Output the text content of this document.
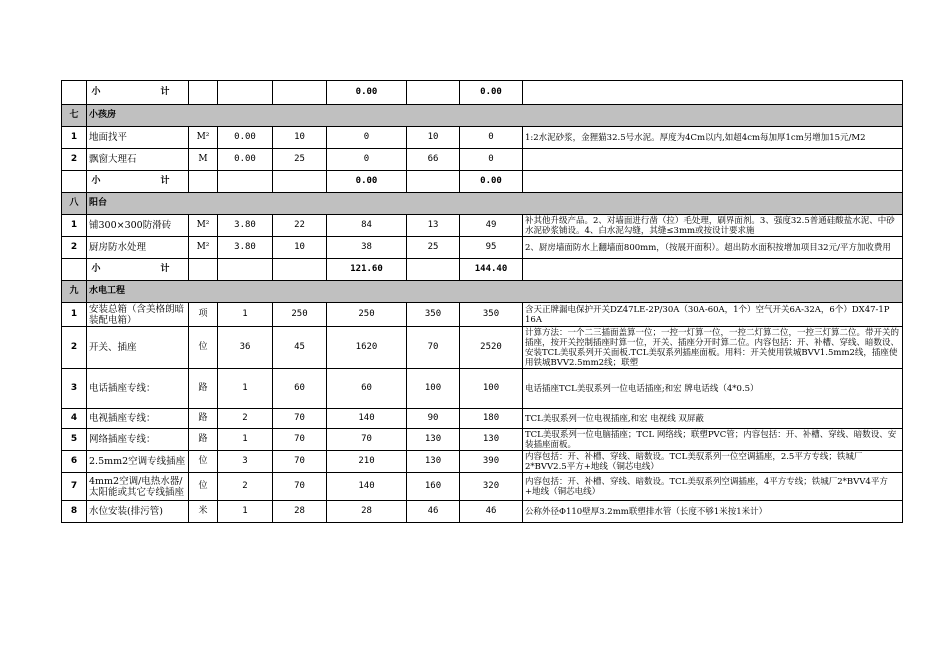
	小　　计				0.00		0.00	
七	小孩房							
1	地面找平	M²	0.00	10	0	10	0	1:2水泥砂浆，金狸猫32.5号水泥。厚度为4Cm以内,如超4cm每加厚1cm另增加15元/M2
2	飘窗大理石	M	0.00	25	0	66	0	
	小　　计				0.00		0.00	
八	阳台							
1	铺300×300防滑砖	M²	3.80	22	84	13	49	补其他升级产品。2、对墙面进行凿（拉）毛处理，刷界面剂。3、强度32.5普通硅酸盐水泥、中砂水泥砂浆铺设。4、白水泥勾缝，其缝≤3mm或按设计要求施
2	厨房防水处理	M²	3.80	10	38	25	95	2、厨房墙面防水上翻墙面800mm，（按展开面积）。超出防水面积按增加项目32元/平方加收费用
	小　　计				121.60		144.40	
九	水电工程							
1	安装总箱（含美格朗暗装配电箱）	项	1	250	250	350	350	含天正牌漏电保护开关DZ47LE-2P/30A（30A-60A，1个）空气开关6A-32A，6个）DX47-1P 16A
2	开关、插座	位	36	45	1620	70	2520	计算方法：一个二三插面盖算一位；一控一灯算一位，一控二灯算二位，一控三灯算二位。带开关的插座，按开关控制插座时算一位，开关、插座分开时算二位。内容包括：开、补槽、穿线、暗数设、安装TCL美驭系列开关面板.TCL美驭系列插座面板。用料：开关使用铁城BVV1.5mm2线，插座使用铁城BVV2.5mm2线；联塑
3	电话插座专线：	路	1	60	60	100	100	电话插座TCL美驭系列一位电话插座;和宏 牌电话线（4*0.5）
4	电视插座专线：	路	2	70	140	90	180	TCL美驭系列一位电视插座,和宏 电视线 双屏蔽
5	网络插座专线：	路	1	70	70	130	130	TCL美驭系列一位电脑插座；TCL 网络线；联塑PVC管；内容包括：开、补槽、穿线、暗数设、安装插座面板。
6	2.5mm2空调专线插座	位	3	70	210	130	390	内容包括：开、补槽、穿线、暗数设。TCL美驭系列一位空调插座，2.5平方专线；铁城厂2*BVV2.5平方+地线（铜芯电线）
7	4mm2空调/电热水器/太阳能或其它专线插座	位	2	70	140	160	320	内容包括：开、补槽、穿线、暗数设。TCL美驭系列空调插座，4平方专线；铁城厂2*BVV4平方+地线（铜芯电线）
8	水位安装(排污管)	米	1	28	28	46	46	公称外径Φ110壁厚3.2mm联塑排水管（长度不够1米按1米计）
